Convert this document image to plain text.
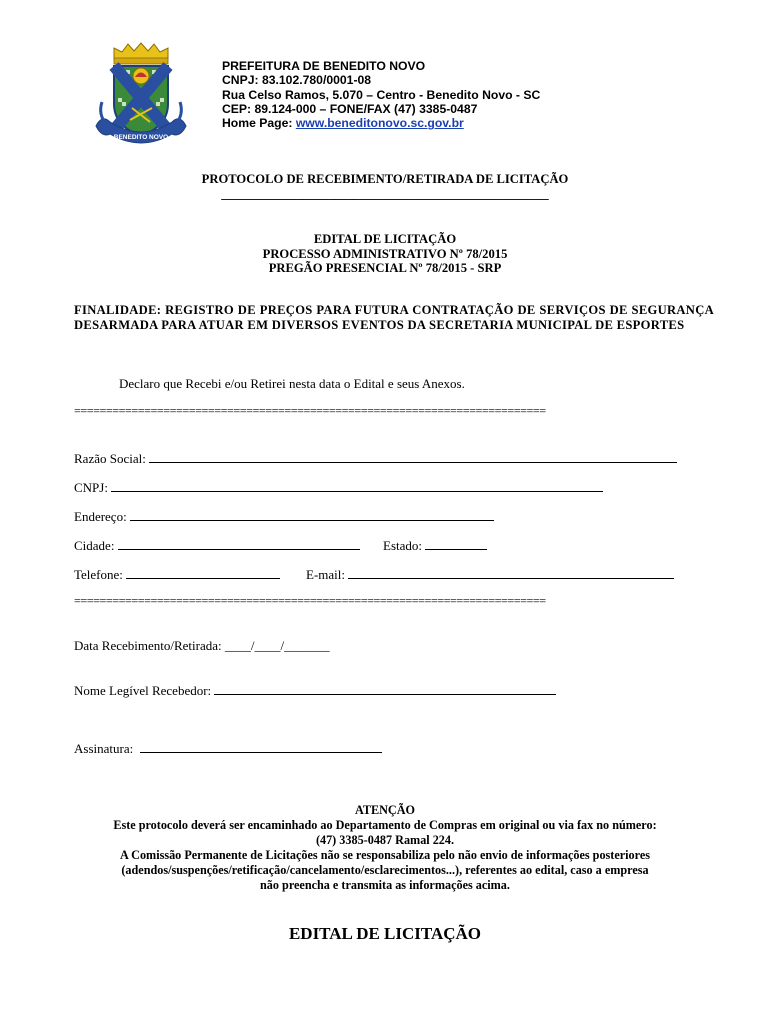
BENEDITO NOVO
PREFEITURA DE BENEDITO NOVO
CNPJ: 83.102.780/0001-08
Rua Celso Ramos, 5.070 – Centro - Benedito Novo - SC
CEP: 89.124-000 – FONE/FAX (47) 3385-0487
Home Page: www.beneditonovo.sc.gov.br
PROTOCOLO DE RECEBIMENTO/RETIRADA DE LICITAÇÃO
____________________________________________________
EDITAL DE LICITAÇÃO
PROCESSO ADMINISTRATIVO Nº 78/2015
PREGÃO PRESENCIAL Nº 78/2015 - SRP
FINALIDADE: REGISTRO DE PREÇOS PARA FUTURA CONTRATAÇÃO DE SERVIÇOS DE SEGURANÇA DESARMADA PARA ATUAR EM DIVERSOS EVENTOS DA SECRETARIA MUNICIPAL DE ESPORTES
Declaro que Recebi e/ou Retirei nesta data o Edital e seus Anexos.
==========================================================================
Razão Social:
CNPJ:
Endereço:
Cidade:	Estado:
Telefone:	E-mail:
==========================================================================
Data Recebimento/Retirada: ____/____/_______
Nome Legível Recebedor:
Assinatura:
ATENÇÃO
Este protocolo deverá ser encaminhado ao Departamento de Compras em original ou via fax no número:
(47) 3385-0487 Ramal 224.
A Comissão Permanente de Licitações não se responsabiliza pelo não envio de informações posteriores
(adendos/suspenções/retificação/cancelamento/esclarecimentos...), referentes ao edital, caso a empresa
não preencha e transmita as informações acima.
EDITAL DE LICITAÇÃO
